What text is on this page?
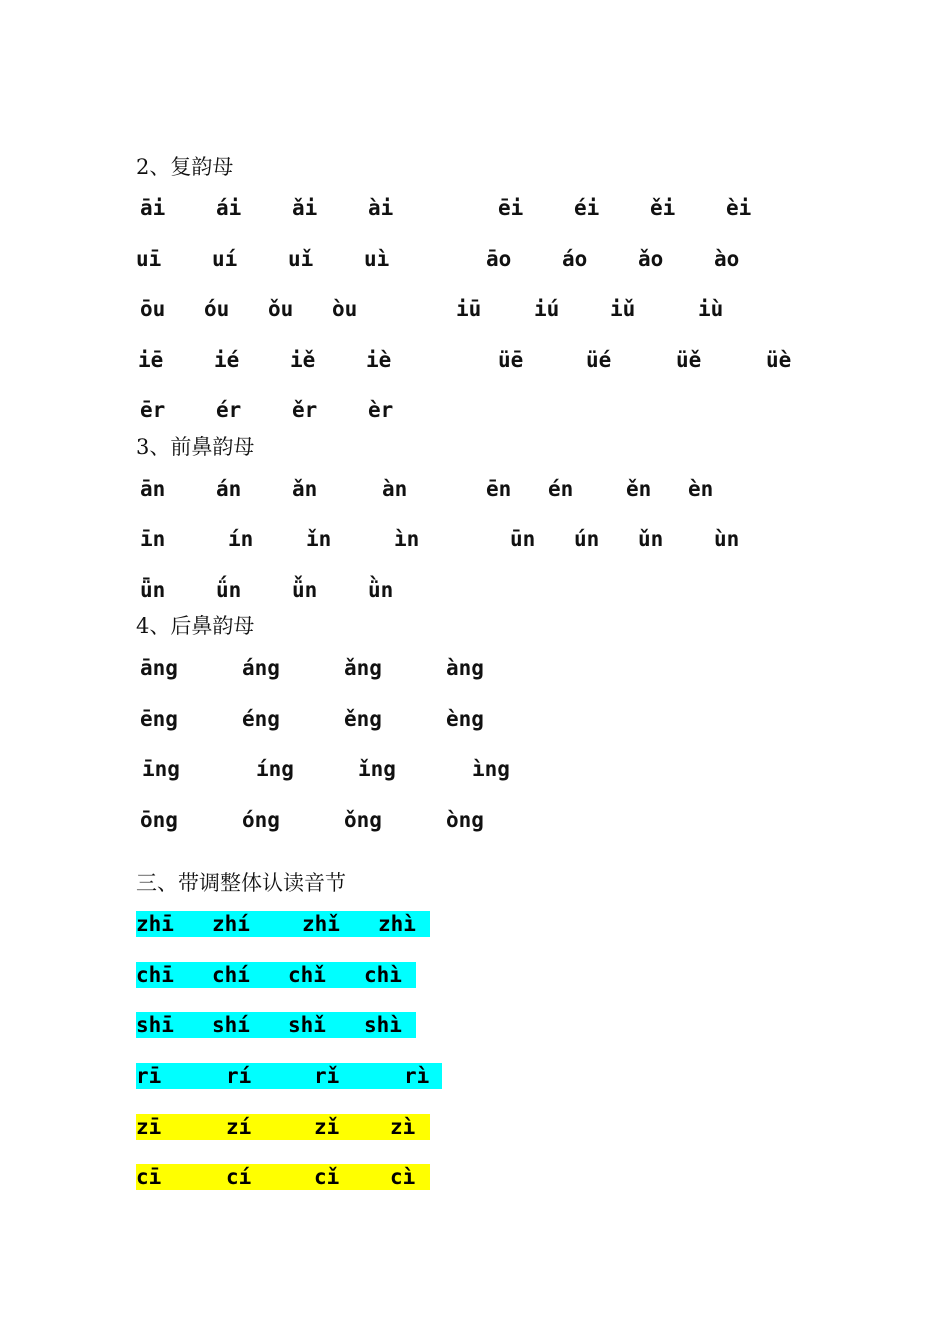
2、复韵母
āi ái ǎi ài	ēi éi ěi èi
uī uí uǐ uì	āo áo ǎo ào
ōu óu ǒu òu	iū	iú iǔ	iù
iē ié iě iè	üē	üé	üě	üè
ēr ér ěr èr
3、前鼻韵母
ān án ǎn	àn	ēn én	ěn èn
īn	ín	ǐn	ìn	ūn ún ǔn ùn
ǖn ǘn ǚn ǜn
4、后鼻韵母
āng	áng	ǎng	àng
ēng	éng	ěng	èng
īng	íng	ǐng	ìng
ōng	óng	ǒng	òng
三、带调整体认读音节
zhī zhí zhǐ zhì
chī chí chǐ chì
shī shí shǐ shì
rī	rí	rǐ	rì
zī	zí	zǐ zì
cī	cí	cǐ cì
